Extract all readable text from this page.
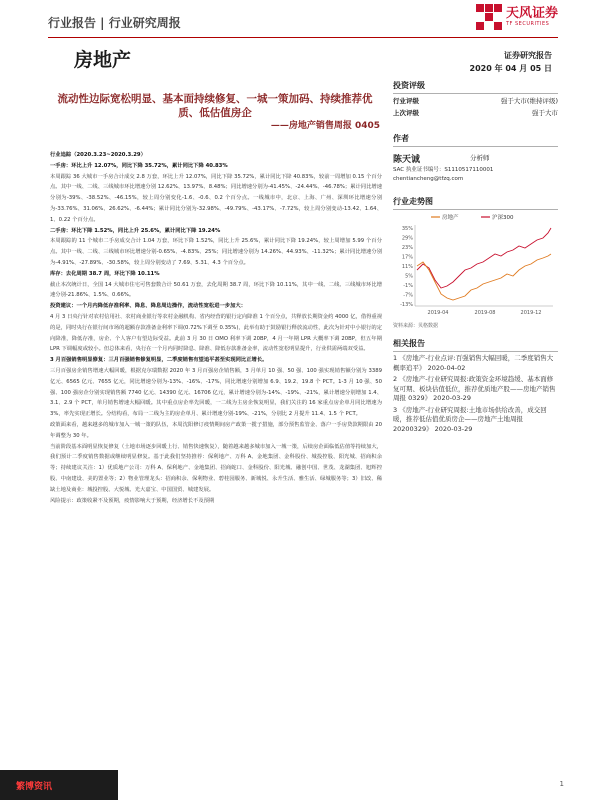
行业报告 | 行业研究周报
天风证券
TF SECURITIES
房地产	证券研究报告
2020 年 04 月 05 日
流动性边际宽松明显、基本面持续修复、一城一策加码、持续推荐优质、低估值房企
——房地产销售周报 0405
投资评级
行业评级	强于大市(维持评级)
上次评级	强于大市
作者
陈天诚	分析师
SAC 执业证书编号：S1110517110001
chentiancheng@tfzq.com
行业走势图
房地产	沪深300
35%
29%
23%
17%
11%
5%
-1%
-7%
-13%
2019-04	2019-08	2019-12
资料来源：贝格数据
相关报告
1 《房地产-行业点评:百强销售大幅回暖，二季度销售大概率追平》 2020-04-02
2 《房地产-行业研究周报:政策资金环境趋缓、基本面修复可期、板块估值低位，推荐优质地产股——房地产销售周报 0329》 2020-03-29
3 《房地产-行业研究周报:土地市场供给改善，成交回暖，推荐低估值优质房企——房地产土地周报 20200329》 2020-03-29

行业追踪（2020.3.23~2020.3.29）

一手房：环比上升 12.07%，同比下降 35.72%，累计同比下降 40.83%
本周跟踪 36 大城市一手房合计成交 2.8 万套，环比上升 12.07%，同比下降 35.72%，累计同比下降 40.83%，较前一周增加 0.15 个百分点。其中一线、二线、三线城市环比增速分别 12.62%、13.97%、8.48%；同比增速分别为-41.45%、-24.44%、-46.78%；累计同比增速分别为-39%、-38.52%、-46.15%，较上周分别变化-1.6、-0.6、0.2 个百分点。一线城市中，北京、上海、广州、深圳环比增速分别为-33.76%、31.06%、26.62%、-6.44%；累计同比分别为-32.98%、-49.79%、-43.17%、-7.72%，较上周分别变动-13.42、1.64、1、0.22 个百分点。

二手房：环比下降 1.52%，同比上升 25.6%，累计同比下降 19.24%
本周跟踪的 11 个城市二手房成交合计 1.04 万套，环比下降 1.52%，同比上升 25.6%，累计同比下降 19.24%，较上周增加 5.99 个百分点。其中一线、二线、三线城市环比增速分别-0.65%、-4.83%、25%；同比增速分别为 14.26%、44.93%、-11.32%；累计同比增速分别为-4.91%、-27.89%、-30.58%，较上周分别变动了 7.69、5.31、4.3 个百分点。

库存：去化周期 38.7 周，环比下降 10.11%
截止本次统计日，全国 14 大城市住宅可售套数合计 50.61 万套，去化周期 38.7 周，环比下降 10.11%，其中一线、二线、三线城市环比增速分别-21.86%、1.5%、0.66%。

投资建议：一个月内降低存准利率、降息、降息周边操作，流动性宽松进一步加大：
4 月 3 日央行针对农村信用社、农村商业银行等农村金融机构、省内经营的银行定向降准 1 个百分点，共释放长期资金约 4000 亿，借得重视的是，同时央行在银行间市场的超额存款准备金利率下调(0.72%下调至 0.35%)，此举有助于鼓励银行释放流动性，此次为针对中小银行的定向降准，降低存准，房企、个人客户有望边际受益。此前 3 月 30 日 OMO 利率下调 20BP，4 月一年期 LPR 大概率下调 20BP，但五年期 LPR 下调幅度或较小。但总体来看，央行在一个月内同时降息、降准、降低存款准备金率，流动性宽松明显提升，行业供需两端双受益。

3 月百强销售明显修复：三月百强销售修复明显，二季度销售有望追平甚至实现同比正增长。

三月百强房企销售增速大幅回暖，根据克尔瑞数据 2020 年 3 月百强房企销售额，3 月单月 10 强、50 强、100 强实现销售额分别为 3389 亿元、6565 亿元、7655 亿元，同比增速分别为-13%、-16%、-17%，同比增速分别增加 6.9、19.2、19.8 个 PCT。1-3 月 10 强、50 强、100 强房企分别实现销售额 7740 亿元、14390 亿元、16706 亿元，累计增速分别为-14%、-19%、-21%，累计增速分别增加 1.4、3.1、2.9 个 PCT，单月销售增速大幅回暖。其中重点房企率先回暖，一二线为主房企恢复明显，我们关注的 16 家重点房企单月同比增速为 3%，率先实现正增长。分结构看，布局一二线为主的房企单月、累计增速分别-19%、-21%，分别比 2 月提升 11.4、1.5 个 PCT。

政策面来看，越来越多的城市加入一城一策的队伍，本周沈阳修订疫情期间房产政策一揽子措施，部分预售监管金、落户一手房贷款期限由 20 年调整为 30 年。

当前阶段基本面明显恢复修复（土地市场逐步回暖上行、销售快速恢复），随着越来越多城市加入一城一策，后续房企面临低估值等持续加大，我们预计二季度销售数据或继续明显修复。基于此我们坚持推荐：保利地产、万科 A、金地集团、金科股份、城投控股、阳光城、招商积余等；持续建议关注：1）优质地产公司：万科 A、保利地产、金地集团、招商蛇口、金科股份、阳光城、融创中国、世茂、龙湖集团、旭辉控股、中南建设、美的置业等；2）物业管理龙头：招商积余、保利物业、碧桂园服务、新城悦、永升生活、雅生活、绿城服务等；3）旧改、稀缺土地及商业：城投控股、大悦城、光大嘉宝、中国国贸、城建发展。

风险提示：政策收紧不及预期，疫情影响大于预期，经济增长不及预期

繁博资讯	1
